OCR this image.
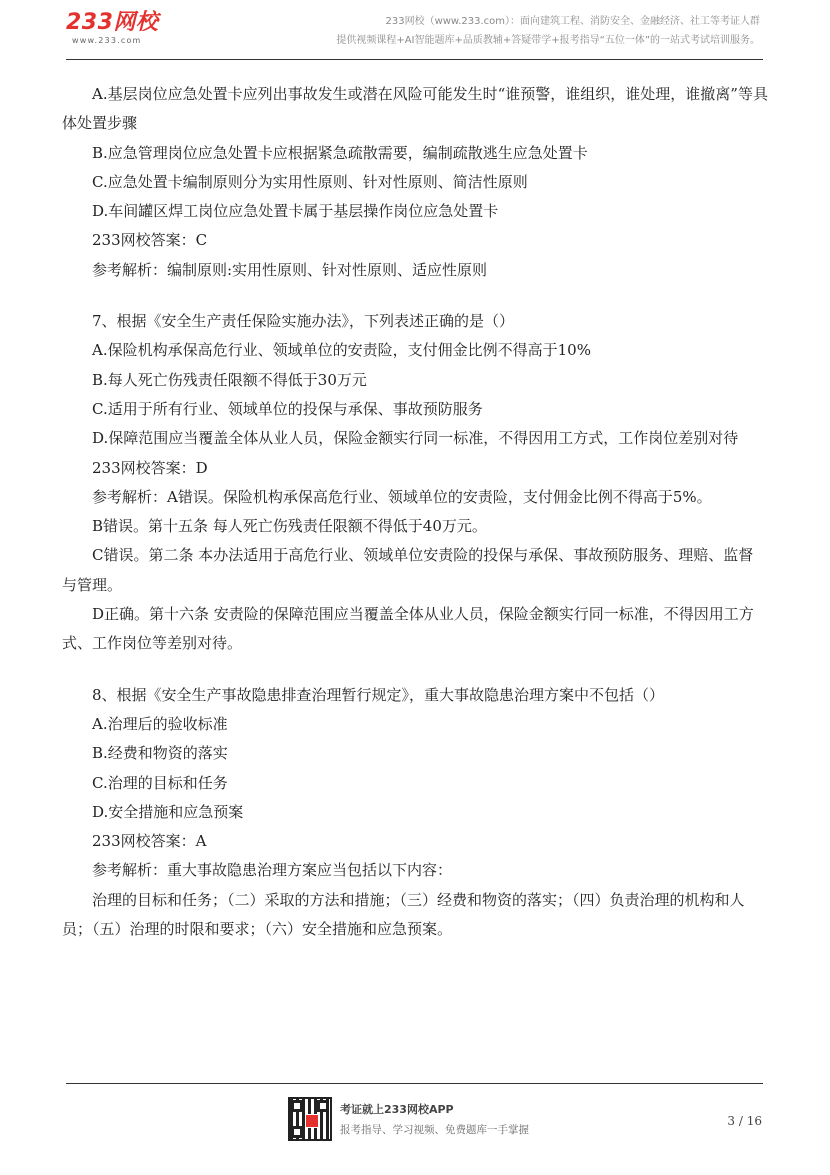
233网校
www.233.com
233网校（www.233.com）：面向建筑工程、消防安全、金融经济、社工等考证人群
提供视频课程+AI智能题库+品质教辅+答疑带学+报考指导“五位一体”的一站式考试培训服务。

A.基层岗位应急处置卡应列出事故发生或潜在风险可能发生时“谁预警，谁组织，谁处理，谁撤离”等具体处置步骤

B.应急管理岗位应急处置卡应根据紧急疏散需要，编制疏散逃生应急处置卡

C.应急处置卡编制原则分为实用性原则、针对性原则、简洁性原则

D.车间罐区焊工岗位应急处置卡属于基层操作岗位应急处置卡

233网校答案：C

参考解析：编制原则:实用性原则、针对性原则、适应性原则

7、根据《安全生产责任保险实施办法》，下列表述正确的是（）

A.保险机构承保高危行业、领域单位的安责险，支付佣金比例不得高于10%

B.每人死亡伤残责任限额不得低于30万元

C.适用于所有行业、领域单位的投保与承保、事故预防服务

D.保障范围应当覆盖全体从业人员，保险金额实行同一标准，不得因用工方式，工作岗位差别对待

233网校答案：D

参考解析：A错误。保险机构承保高危行业、领域单位的安责险，支付佣金比例不得高于5%。

B错误。第十五条 每人死亡伤残责任限额不得低于40万元。

C错误。第二条 本办法适用于高危行业、领域单位安责险的投保与承保、事故预防服务、理赔、监督与管理。

D正确。第十六条 安责险的保障范围应当覆盖全体从业人员，保险金额实行同一标准，不得因用工方式、工作岗位等差别对待。

8、根据《安全生产事故隐患排查治理暂行规定》，重大事故隐患治理方案中不包括（）

A.治理后的验收标准

B.经费和物资的落实

C.治理的目标和任务

D.安全措施和应急预案

233网校答案：A

参考解析：重大事故隐患治理方案应当包括以下内容：

治理的目标和任务；（二）采取的方法和措施；（三）经费和物资的落实；（四）负责治理的机构和人员；（五）治理的时限和要求；（六）安全措施和应急预案。

考证就上233网校APP
报考指导、学习视频、免费题库一手掌握
3 / 16
